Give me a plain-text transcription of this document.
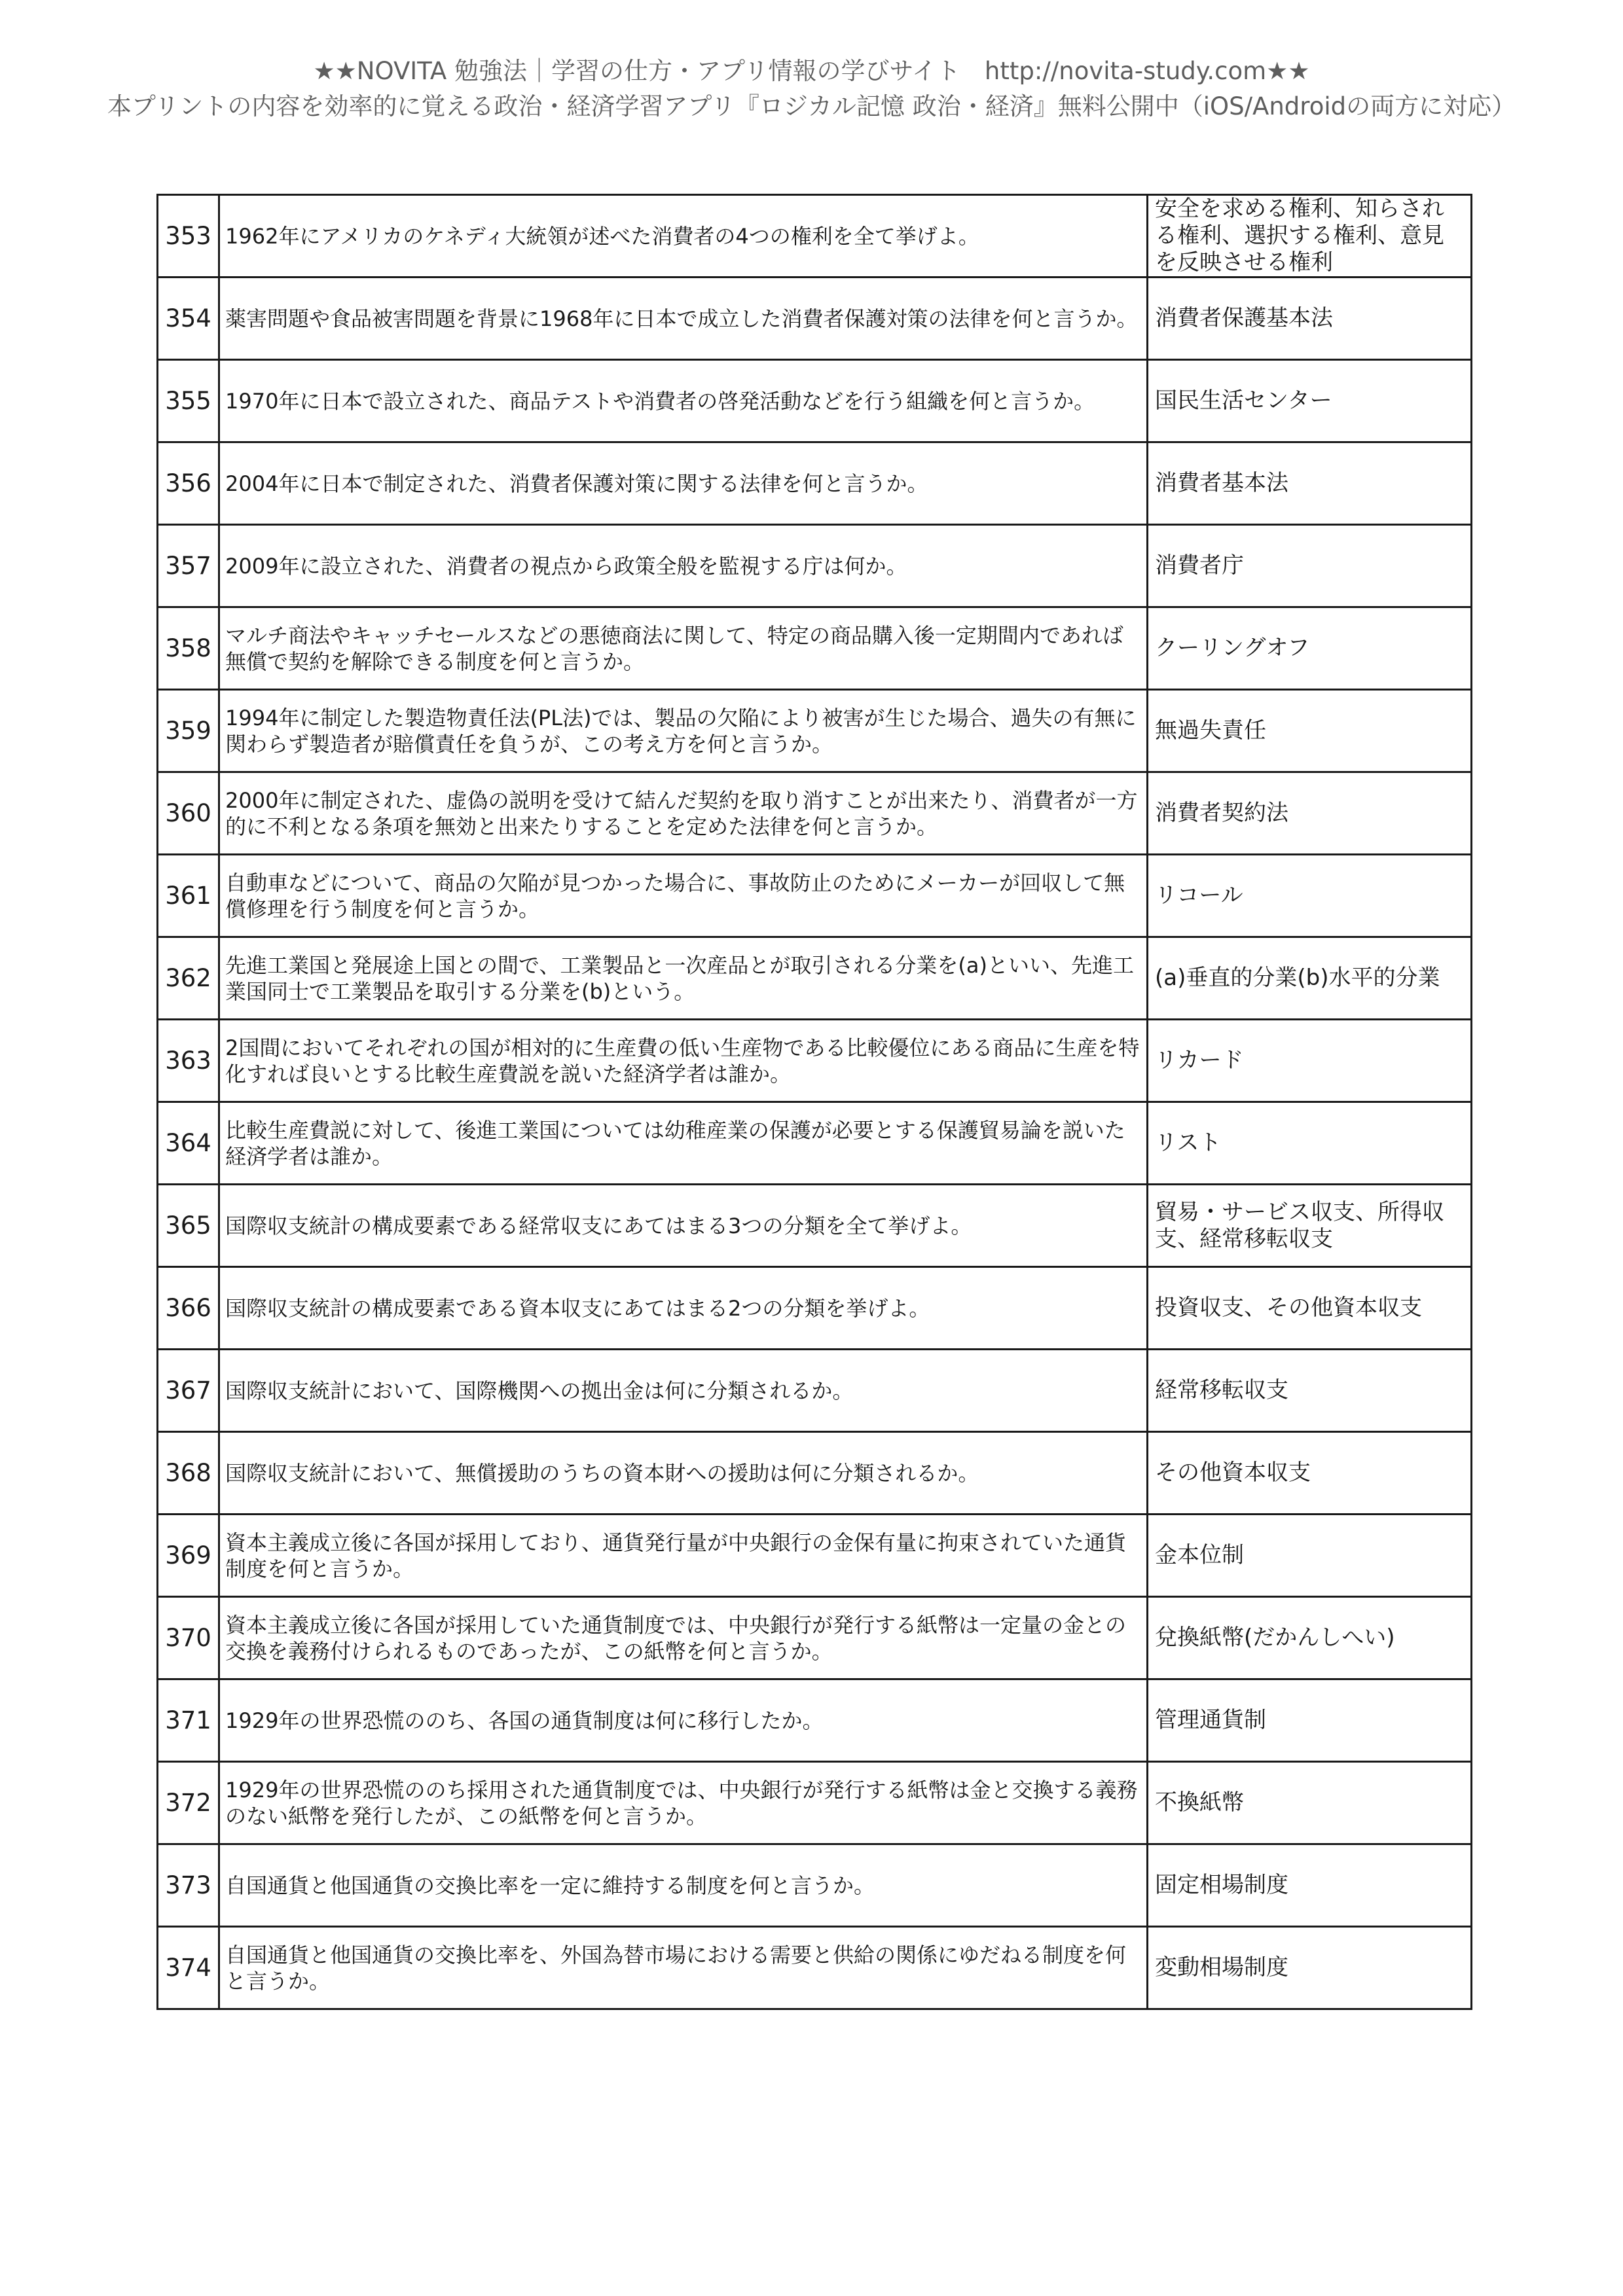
★★NOVITA 勉強法｜学習の仕方・アプリ情報の学びサイト　http://novita-study.com★★
本プリントの内容を効率的に覚える政治・経済学習アプリ『ロジカル記憶 政治・経済』無料公開中（iOS/Androidの両方に対応）
353	1962年にアメリカのケネディ大統領が述べた消費者の4つの権利を全て挙げよ。	安全を求める権利、知らされる権利、選択する権利、意見を反映させる権利
354	薬害問題や食品被害問題を背景に1968年に日本で成立した消費者保護対策の法律を何と言うか。	消費者保護基本法
355	1970年に日本で設立された、商品テストや消費者の啓発活動などを行う組織を何と言うか。	国民生活センター
356	2004年に日本で制定された、消費者保護対策に関する法律を何と言うか。	消費者基本法
357	2009年に設立された、消費者の視点から政策全般を監視する庁は何か。	消費者庁
358	マルチ商法やキャッチセールスなどの悪徳商法に関して、特定の商品購入後一定期間内であれば無償で契約を解除できる制度を何と言うか。	クーリングオフ
359	1994年に制定した製造物責任法(PL法)では、製品の欠陥により被害が生じた場合、過失の有無に関わらず製造者が賠償責任を負うが、この考え方を何と言うか。	無過失責任
360	2000年に制定された、虚偽の説明を受けて結んだ契約を取り消すことが出来たり、消費者が一方的に不利となる条項を無効と出来たりすることを定めた法律を何と言うか。	消費者契約法
361	自動車などについて、商品の欠陥が見つかった場合に、事故防止のためにメーカーが回収して無償修理を行う制度を何と言うか。	リコール
362	先進工業国と発展途上国との間で、工業製品と一次産品とが取引される分業を(a)といい、先進工業国同士で工業製品を取引する分業を(b)という。	(a)垂直的分業(b)水平的分業
363	2国間においてそれぞれの国が相対的に生産費の低い生産物である比較優位にある商品に生産を特化すれば良いとする比較生産費説を説いた経済学者は誰か。	リカード
364	比較生産費説に対して、後進工業国については幼稚産業の保護が必要とする保護貿易論を説いた経済学者は誰か。	リスト
365	国際収支統計の構成要素である経常収支にあてはまる3つの分類を全て挙げよ。	貿易・サービス収支、所得収支、経常移転収支
366	国際収支統計の構成要素である資本収支にあてはまる2つの分類を挙げよ。	投資収支、その他資本収支
367	国際収支統計において、国際機関への拠出金は何に分類されるか。	経常移転収支
368	国際収支統計において、無償援助のうちの資本財への援助は何に分類されるか。	その他資本収支
369	資本主義成立後に各国が採用しており、通貨発行量が中央銀行の金保有量に拘束されていた通貨制度を何と言うか。	金本位制
370	資本主義成立後に各国が採用していた通貨制度では、中央銀行が発行する紙幣は一定量の金との交換を義務付けられるものであったが、この紙幣を何と言うか。	兌換紙幣(だかんしへい)
371	1929年の世界恐慌ののち、各国の通貨制度は何に移行したか。	管理通貨制
372	1929年の世界恐慌ののち採用された通貨制度では、中央銀行が発行する紙幣は金と交換する義務のない紙幣を発行したが、この紙幣を何と言うか。	不換紙幣
373	自国通貨と他国通貨の交換比率を一定に維持する制度を何と言うか。	固定相場制度
374	自国通貨と他国通貨の交換比率を、外国為替市場における需要と供給の関係にゆだねる制度を何と言うか。	変動相場制度
